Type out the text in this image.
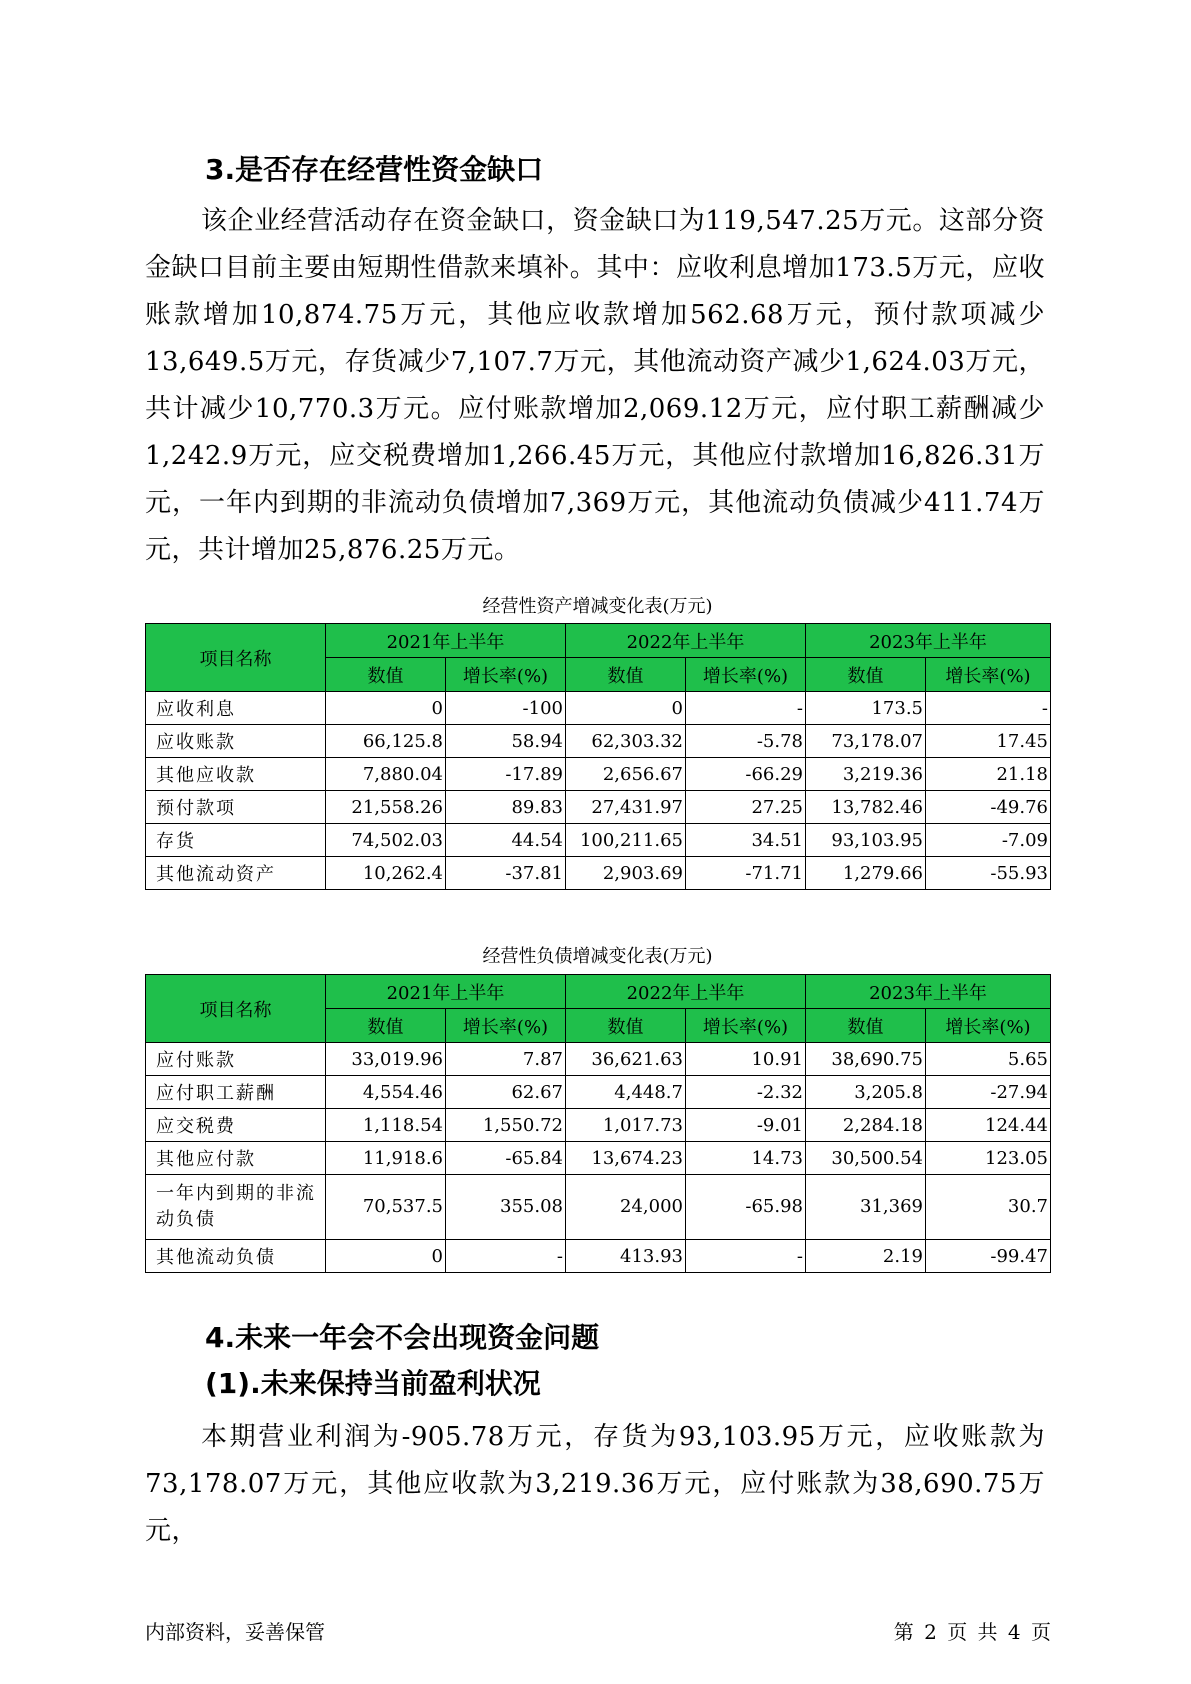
3.是否存在经营性资金缺口

该企业经营活动存在资金缺口，资金缺口为119,547.25万元。这部分资金缺口目前主要由短期性借款来填补。其中：应收利息增加173.5万元，应收账款增加10,874.75万元，其他应收款增加562.68万元，预付款项减少13,649.5万元，存货减少7,107.7万元，其他流动资产减少1,624.03万元，共计减少10,770.3万元。应付账款增加2,069.12万元，应付职工薪酬减少1,242.9万元，应交税费增加1,266.45万元，其他应付款增加16,826.31万元，一年内到期的非流动负债增加7,369万元，其他流动负债减少411.74万元，共计增加25,876.25万元。

经营性资产增减变化表(万元)

项目名称	2021年上半年		2022年上半年		2023年上半年	
	数值	增长率(%)	数值	增长率(%)	数值	增长率(%)
应收利息	0	-100	0	-	173.5	-
应收账款	66,125.8	58.94	62,303.32	-5.78	73,178.07	17.45
其他应收款	7,880.04	-17.89	2,656.67	-66.29	3,219.36	21.18
预付款项	21,558.26	89.83	27,431.97	27.25	13,782.46	-49.76
存货	74,502.03	44.54	100,211.65	34.51	93,103.95	-7.09
其他流动资产	10,262.4	-37.81	2,903.69	-71.71	1,279.66	-55.93

经营性负债增减变化表(万元)

项目名称	2021年上半年		2022年上半年		2023年上半年	
	数值	增长率(%)	数值	增长率(%)	数值	增长率(%)
应付账款	33,019.96	7.87	36,621.63	10.91	38,690.75	5.65
应付职工薪酬	4,554.46	62.67	4,448.7	-2.32	3,205.8	-27.94
应交税费	1,118.54	1,550.72	1,017.73	-9.01	2,284.18	124.44
其他应付款	11,918.6	-65.84	13,674.23	14.73	30,500.54	123.05
一年内到期的非流动负债	70,537.5	355.08	24,000	-65.98	31,369	30.7
其他流动负债	0	-	413.93	-	2.19	-99.47
4.未来一年会不会出现资金问题
(1).未来保持当前盈利状况

本期营业利润为-905.78万元，存货为93,103.95万元，应收账款为73,178.07万元，其他应收款为3,219.36万元，应付账款为38,690.75万元，

内部资料，妥善保管	第 2 页 共 4 页
